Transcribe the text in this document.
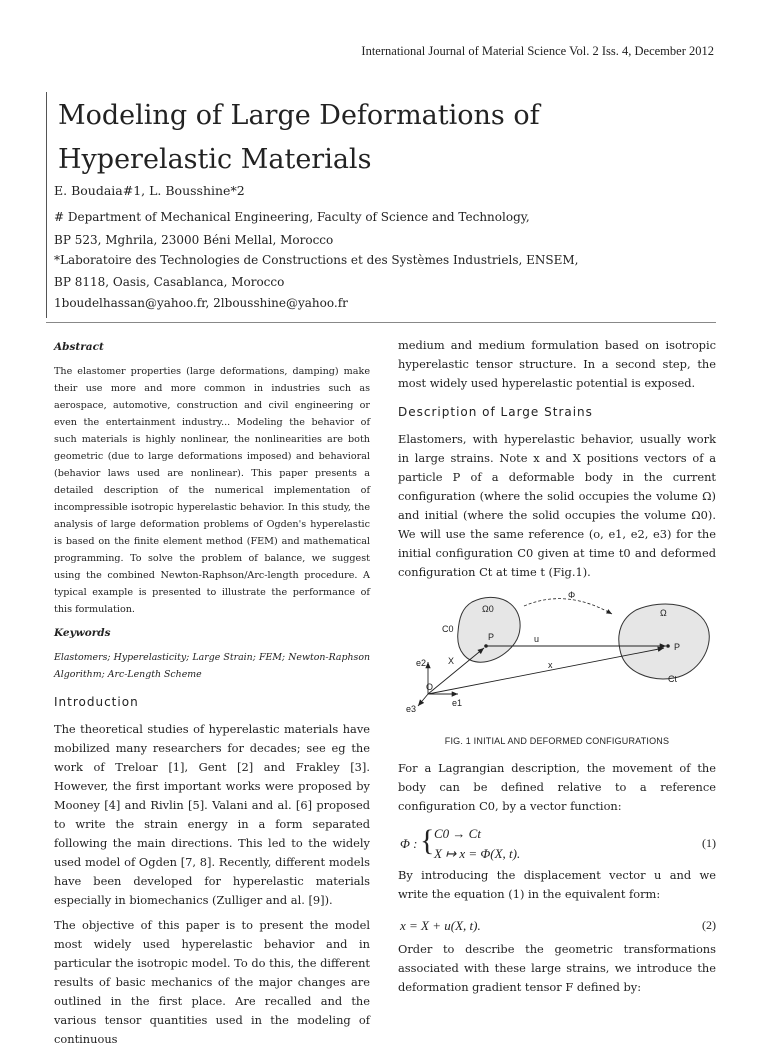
International Journal of Material Science Vol. 2 Iss. 4, December 2012
Modeling of Large Deformations of
Hyperelastic Materials
E. Boudaia#1, L. Bousshine*2
# Department of Mechanical Engineering, Faculty of Science and Technology,
BP 523, Mghrila, 23000 Béni Mellal, Morocco
*Laboratoire des Technologies de Constructions et des Systèmes Industriels, ENSEM,
BP 8118, Oasis, Casablanca, Morocco
1boudelhassan@yahoo.fr, 2lbousshine@yahoo.fr
Abstract

The elastomer properties (large deformations, damping) make their use more and more common in industries such as aerospace, automotive, construction and civil engineering or even the entertainment industry... Modeling the behavior of such materials is highly nonlinear, the nonlinearities are both geometric (due to large deformations imposed) and behavioral (behavior laws used are nonlinear). This paper presents a detailed description of the numerical implementation of incompressible isotropic hyperelastic behavior. In this study, the analysis of large deformation problems of Ogden's hyperelastic is based on the finite element method (FEM) and mathematical programming. To solve the problem of balance, we suggest using the combined Newton-Raphson/Arc-length procedure. A typical example is presented to illustrate the performance of this formulation.

Keywords

Elastomers; Hyperelasticity; Large Strain; FEM; Newton-Raphson Algorithm; Arc-Length Scheme

Introduction

The theoretical studies of hyperelastic materials have mobilized many researchers for decades; see eg the work of Treloar [1], Gent [2] and Frakley [3]. However, the first important works were proposed by Mooney [4] and Rivlin [5]. Valani and al. [6] proposed to write the strain energy in a form separated following the main directions. This led to the widely used model of Ogden [7, 8]. Recently, different models have been developed for hyperelastic materials especially in biomechanics (Zulliger and al. [9]).

The objective of this paper is to present the model most widely used hyperelastic behavior and in particular the isotropic model. To do this, the different results of basic mechanics of the major changes are outlined in the first place. Are recalled and the various tensor quantities used in the modeling of continuous

medium and medium formulation based on isotropic hyperelastic tensor structure. In a second step, the most widely used hyperelastic potential is exposed.

Description of Large Strains

Elastomers, with hyperelastic behavior, usually work in large strains. Note x and X positions vectors of a particle P of a deformable body in the current configuration (where the solid occupies the volume Ω) and initial (where the solid occupies the volume Ω0). We will use the same reference (o, e1, e2, e3) for the initial configuration C0 given at time t0 and deformed configuration Ct at time t (Fig.1).

Ω0	Ω
Φ
C0
Ct
P
P
u
X	x
O
e1
e2
e3
FIG. 1 INITIAL AND DEFORMED CONFIGURATIONS

For a Lagrangian description, the movement of the body can be defined relative to a reference configuration C0, by a vector function:

Φ : { C0 → Ct
X ↦ x = Φ(X, t).
(1)

By introducing the displacement vector u and we write the equation (1) in the equivalent form:

x = X + u(X, t).	(2)

Order to describe the geometric transformations associated with these large strains, we introduce the deformation gradient tensor F defined by:
